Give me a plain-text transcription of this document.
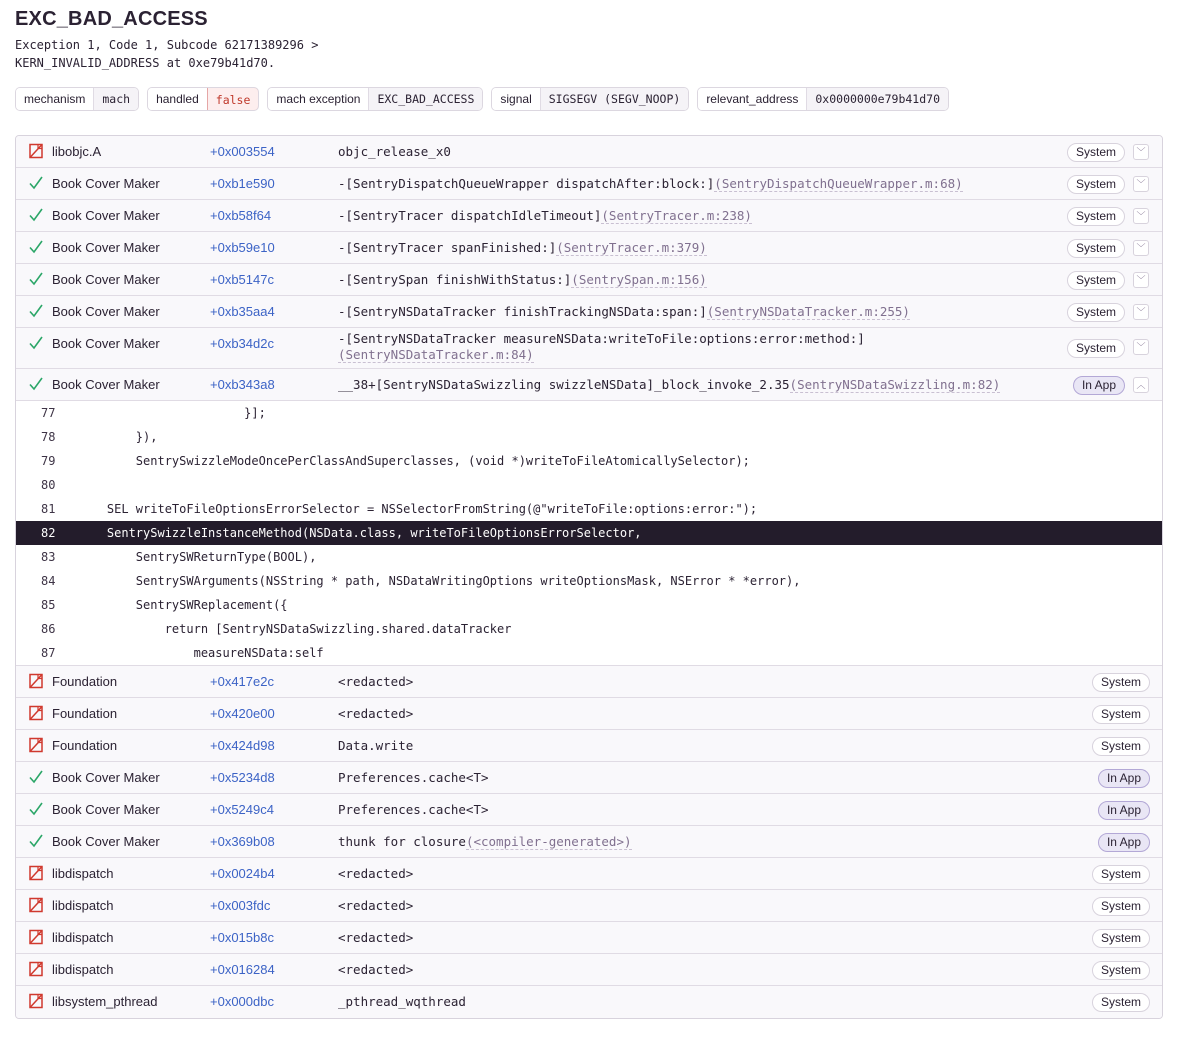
EXC_BAD_ACCESS
Exception 1, Code 1, Subcode 62171389296 >
KERN_INVALID_ADDRESS at 0xe79b41d70.
mechanism	mach	handled	false	mach exception	EXC_BAD_ACCESS	signal	SIGSEGV (SEGV_NOOP)	relevant_address	0x0000000e79b41d70
libobjc.A	+0x003554	objc_release_x0	System	﹀
Book Cover Maker	+0xb1e590	-[SentryDispatchQueueWrapper dispatchAfter:block:](SentryDispatchQueueWrapper.m:68)	System	﹀
Book Cover Maker	+0xb58f64	-[SentryTracer dispatchIdleTimeout](SentryTracer.m:238)	System	﹀
Book Cover Maker	+0xb59e10	-[SentryTracer spanFinished:](SentryTracer.m:379)	System	﹀
Book Cover Maker	+0xb5147c	-[SentrySpan finishWithStatus:](SentrySpan.m:156)	System	﹀
Book Cover Maker	+0xb35aa4	-[SentryNSDataTracker finishTrackingNSData:span:](SentryNSDataTracker.m:255)	System	﹀
Book Cover Maker	+0xb34d2c	-[SentryNSDataTracker measureNSData:writeToFile:options:error:method:]
(SentryNSDataTracker.m:84)	System	﹀
Book Cover Maker	+0xb343a8	__38+[SentryNSDataSwizzling swizzleNSData]_block_invoke_2.35(SentryNSDataSwizzling.m:82)	In App	︿
77 }];
78 }),
79 SentrySwizzleModeOncePerClassAndSuperclasses, (void *)writeToFileAtomicallySelector);
80
81 SEL writeToFileOptionsErrorSelector = NSSelectorFromString(@"writeToFile:options:error:");
82 SentrySwizzleInstanceMethod(NSData.class, writeToFileOptionsErrorSelector,
83 SentrySWReturnType(BOOL),
84 SentrySWArguments(NSString * path, NSDataWritingOptions writeOptionsMask, NSError * *error),
85 SentrySWReplacement({
86 return [SentryNSDataSwizzling.shared.dataTracker
87 measureNSData:self
Foundation	+0x417e2c	<redacted>	System
Foundation	+0x420e00	<redacted>	System
Foundation	+0x424d98	Data.write	System
Book Cover Maker	+0x5234d8	Preferences.cache<T>	In App
Book Cover Maker	+0x5249c4	Preferences.cache<T>	In App
Book Cover Maker	+0x369b08	thunk for closure(<compiler-generated>)	In App
libdispatch	+0x0024b4	<redacted>	System
libdispatch	+0x003fdc	<redacted>	System
libdispatch	+0x015b8c	<redacted>	System
libdispatch	+0x016284	<redacted>	System
libsystem_pthread	+0x000dbc	_pthread_wqthread	System
